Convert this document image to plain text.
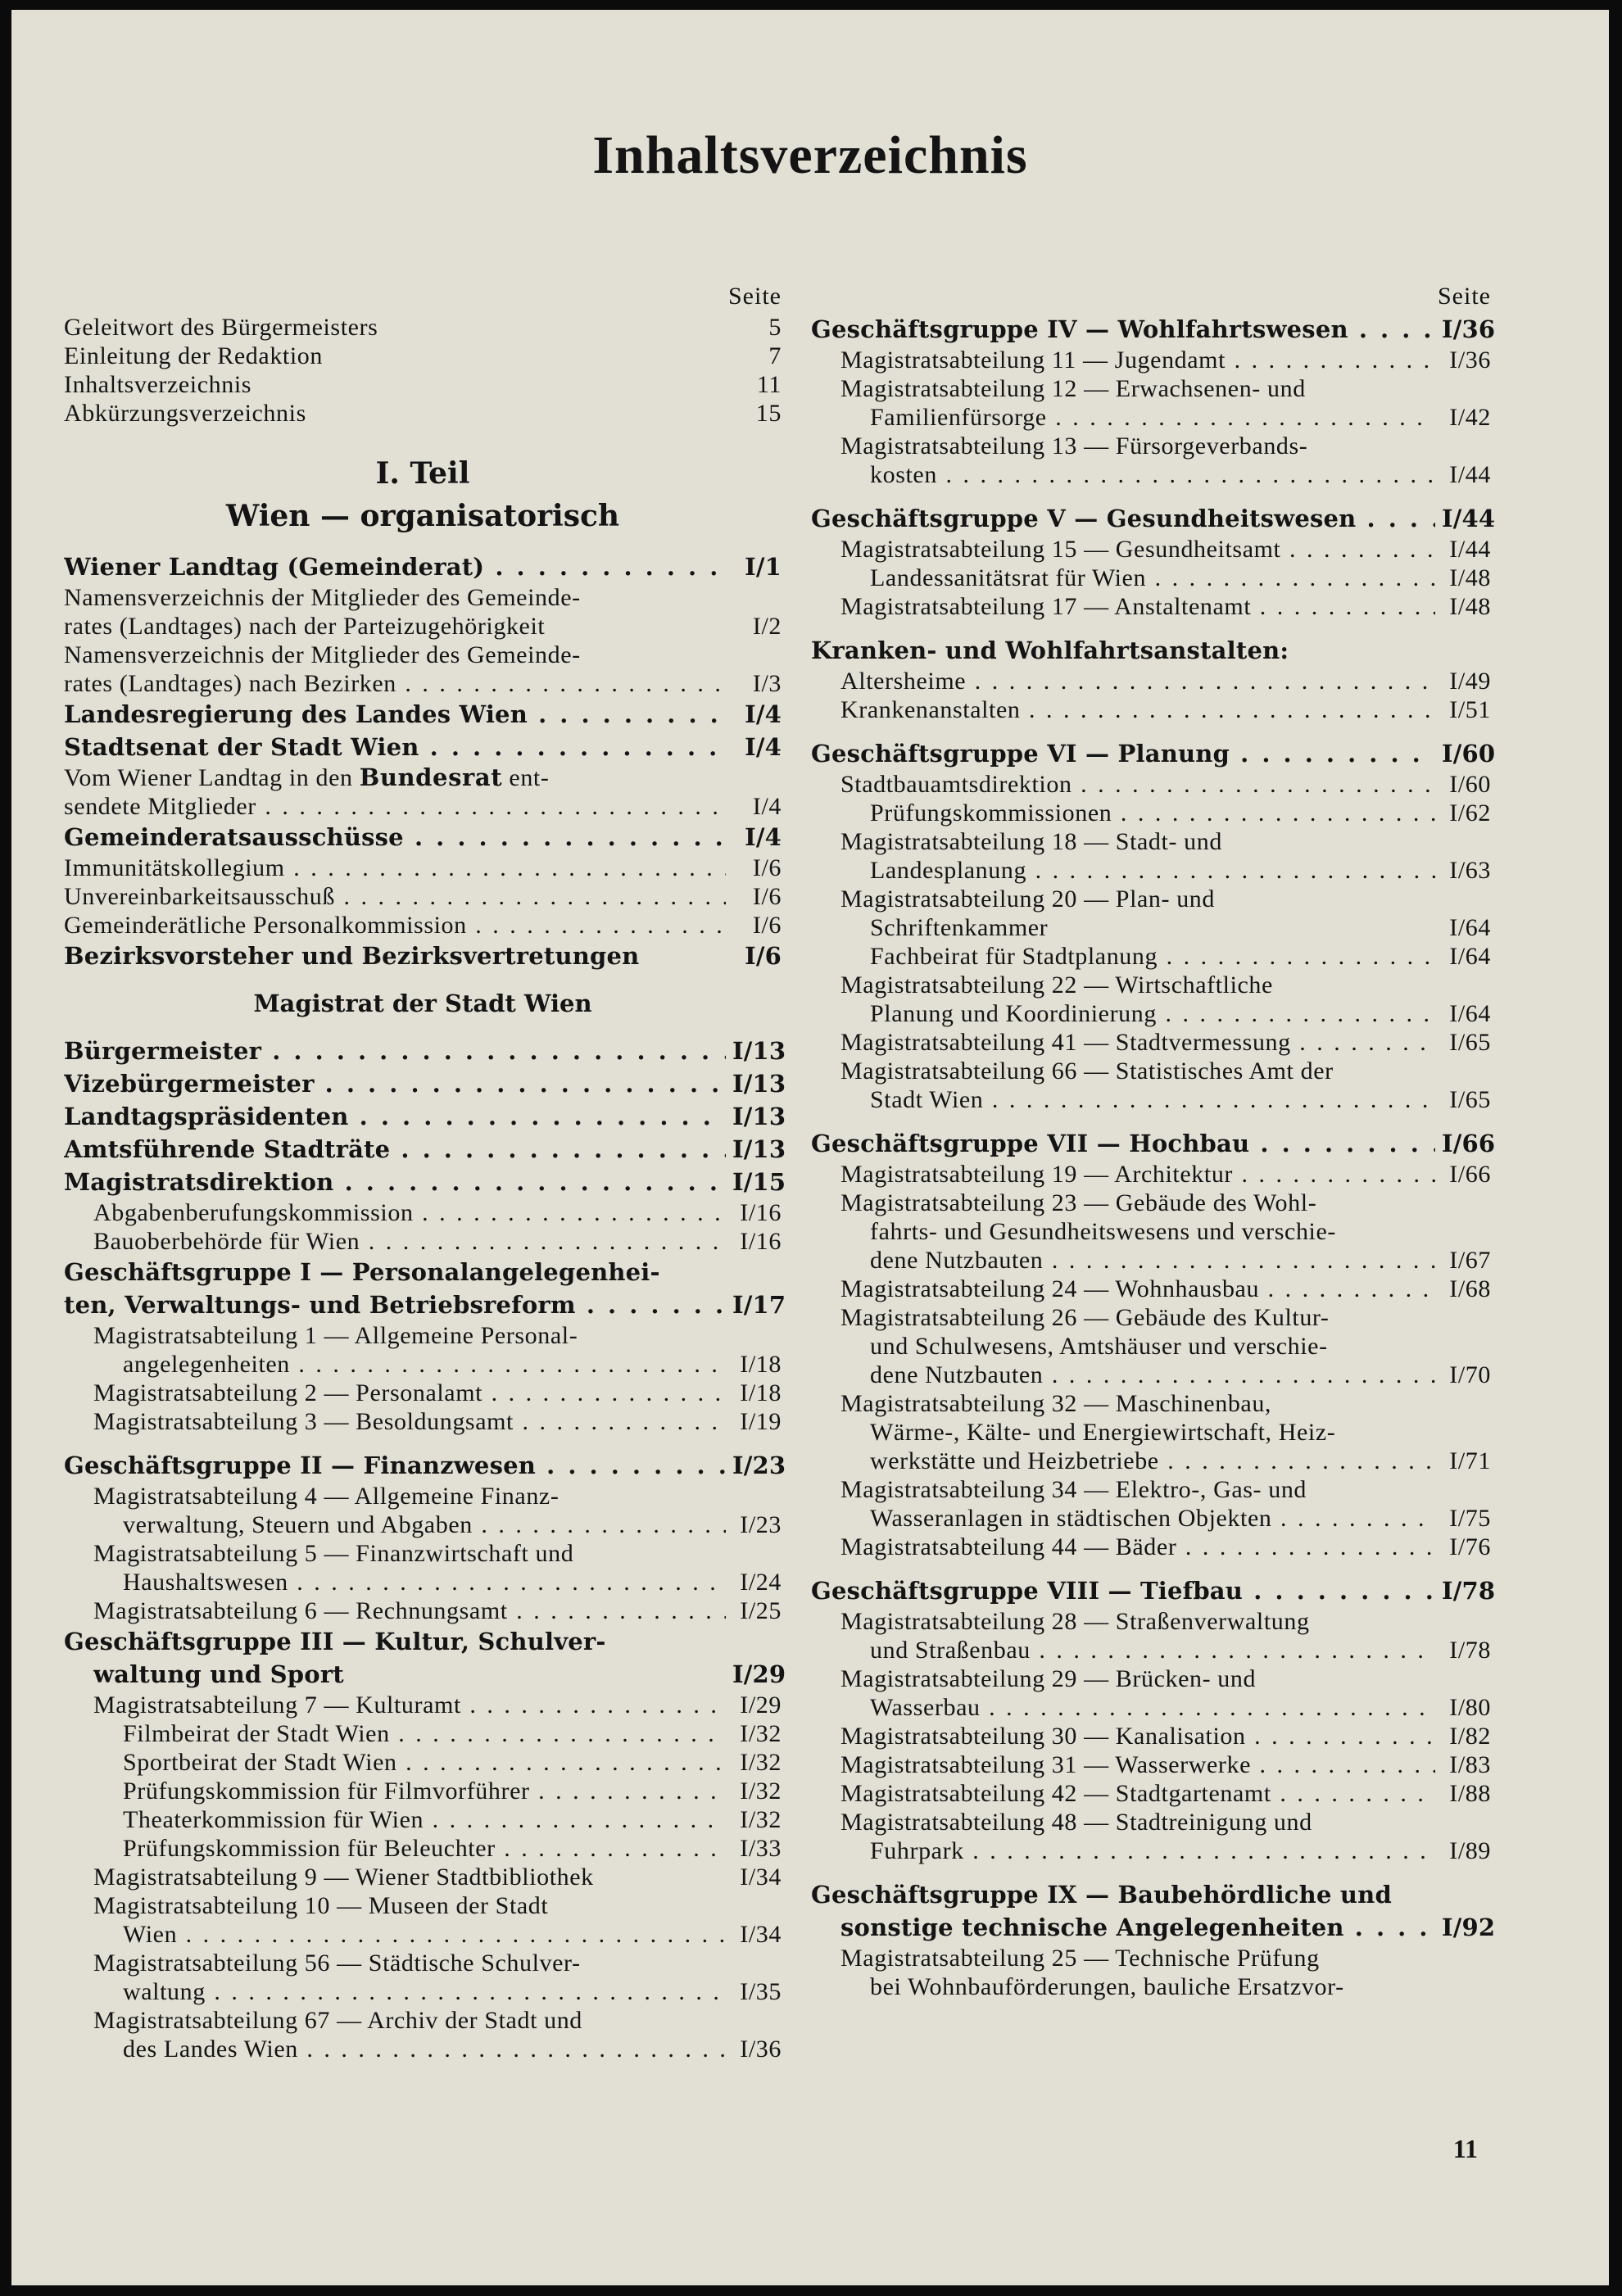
Inhaltsverzeichnis
Seite
Geleitwort des Bürgermeisters	5
Einleitung der Redaktion	7
Inhaltsverzeichnis	11
Abkürzungsverzeichnis	15
I. Teil
Wien — organisatorisch
Wiener Landtag (Gemeinderat) . . .	I/1
Namensverzeichnis der Mitglieder des Gemeinde-
rates (Landtages) nach der Parteizugehörigkeit	I/2
Namensverzeichnis der Mitglieder des Gemeinde-
rates (Landtages) nach Bezirken . . .	I/3
Landesregierung des Landes Wien . . .	I/4
Stadtsenat der Stadt Wien . . .	I/4
Vom Wiener Landtag in den Bundesrat ent-
sendete Mitglieder . . .	I/4
Gemeinderatsausschüsse . . .	I/4
Immunitätskollegium . . .	I/6
Unvereinbarkeitsausschuß . . .	I/6
Gemeinderätliche Personalkommission . . .	I/6
Bezirksvorsteher und Bezirksvertretungen	I/6
Magistrat der Stadt Wien
Bürgermeister . . .	I/13
Vizebürgermeister . . .	I/13
Landtagspräsidenten . . .	I/13
Amtsführende Stadträte . . .	I/13
Magistratsdirektion . . .	I/15
Abgabenberufungskommission . . .	I/16
Bauoberbehörde für Wien . . .	I/16
Geschäftsgruppe I — Personalangelegenhei-
ten, Verwaltungs- und Betriebsreform . . .	I/17
Magistratsabteilung 1 — Allgemeine Personal-
angelegenheiten . . .	I/18
Magistratsabteilung 2 — Personalamt . . .	I/18
Magistratsabteilung 3 — Besoldungsamt . . .	I/19
Geschäftsgruppe II — Finanzwesen . . .	I/23
Magistratsabteilung 4 — Allgemeine Finanz-
verwaltung, Steuern und Abgaben . . .	I/23
Magistratsabteilung 5 — Finanzwirtschaft und
Haushaltswesen . . .	I/24
Magistratsabteilung 6 — Rechnungsamt . . .	I/25
Geschäftsgruppe III — Kultur, Schulver-
waltung und Sport	I/29
Magistratsabteilung 7 — Kulturamt . . .	I/29
Filmbeirat der Stadt Wien . . .	I/32
Sportbeirat der Stadt Wien . . .	I/32
Prüfungskommission für Filmvorführer . . .	I/32
Theaterkommission für Wien . . .	I/32
Prüfungskommission für Beleuchter . . .	I/33
Magistratsabteilung 9 — Wiener Stadtbibliothek	I/34
Magistratsabteilung 10 — Museen der Stadt
Wien . . .	I/34
Magistratsabteilung 56 — Städtische Schulver-
waltung . . .	I/35
Magistratsabteilung 67 — Archiv der Stadt und
des Landes Wien . . .	I/36
Seite
Geschäftsgruppe IV — Wohlfahrtswesen . . .	I/36
Magistratsabteilung 11 — Jugendamt . . .	I/36
Magistratsabteilung 12 — Erwachsenen- und
Familienfürsorge . . .	I/42
Magistratsabteilung 13 — Fürsorgeverbands-
kosten . . .	I/44
Geschäftsgruppe V — Gesundheitswesen . . .	I/44
Magistratsabteilung 15 — Gesundheitsamt . . .	I/44
Landessanitätsrat für Wien . . .	I/48
Magistratsabteilung 17 — Anstaltenamt . . .	I/48
Kranken- und Wohlfahrtsanstalten:
Altersheime . . .	I/49
Krankenanstalten . . .	I/51
Geschäftsgruppe VI — Planung . . .	I/60
Stadtbauamtsdirektion . . .	I/60
Prüfungskommissionen . . .	I/62
Magistratsabteilung 18 — Stadt- und
Landesplanung . . .	I/63
Magistratsabteilung 20 — Plan- und
Schriftenkammer	I/64
Fachbeirat für Stadtplanung . . .	I/64
Magistratsabteilung 22 — Wirtschaftliche
Planung und Koordinierung . . .	I/64
Magistratsabteilung 41 — Stadtvermessung . . .	I/65
Magistratsabteilung 66 — Statistisches Amt der
Stadt Wien . . .	I/65
Geschäftsgruppe VII — Hochbau . . .	I/66
Magistratsabteilung 19 — Architektur . . .	I/66
Magistratsabteilung 23 — Gebäude des Wohl-
fahrts- und Gesundheitswesens und verschie-
dene Nutzbauten . . .	I/67
Magistratsabteilung 24 — Wohnhausbau . . .	I/68
Magistratsabteilung 26 — Gebäude des Kultur-
und Schulwesens, Amtshäuser und verschie-
dene Nutzbauten . . .	I/70
Magistratsabteilung 32 — Maschinenbau,
Wärme-, Kälte- und Energiewirtschaft, Heiz-
werkstätte und Heizbetriebe . . .	I/71
Magistratsabteilung 34 — Elektro-, Gas- und
Wasseranlagen in städtischen Objekten . . .	I/75
Magistratsabteilung 44 — Bäder . . .	I/76
Geschäftsgruppe VIII — Tiefbau . . .	I/78
Magistratsabteilung 28 — Straßenverwaltung
und Straßenbau . . .	I/78
Magistratsabteilung 29 — Brücken- und
Wasserbau . . .	I/80
Magistratsabteilung 30 — Kanalisation . . .	I/82
Magistratsabteilung 31 — Wasserwerke . . .	I/83
Magistratsabteilung 42 — Stadtgartenamt . . .	I/88
Magistratsabteilung 48 — Stadtreinigung und
Fuhrpark . . .	I/89
Geschäftsgruppe IX — Baubehördliche und
sonstige technische Angelegenheiten . . .	I/92
Magistratsabteilung 25 — Technische Prüfung
bei Wohnbauförderungen, bauliche Ersatzvor-
11
